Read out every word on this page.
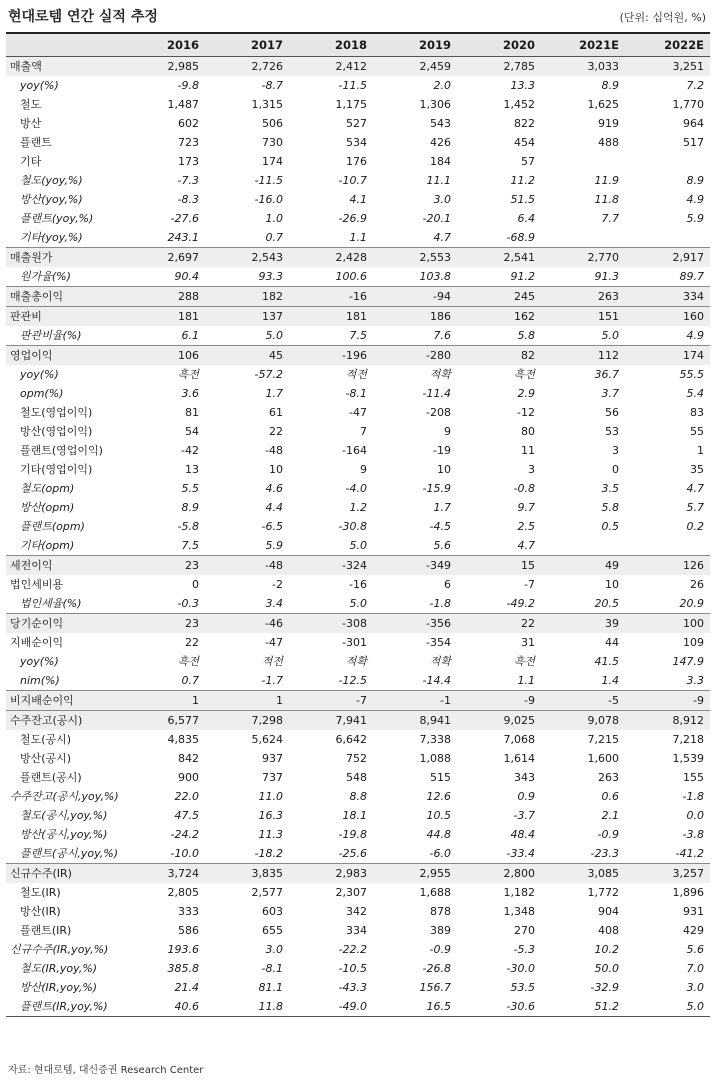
현대로템 연간 실적 추정	(단위: 십억원, %)
	2016	2017	2018	2019	2020	2021E	2022E
매출액	2,985	2,726	2,412	2,459	2,785	3,033	3,251
yoy(%)	-9.8	-8.7	-11.5	2.0	13.3	8.9	7.2
철도	1,487	1,315	1,175	1,306	1,452	1,625	1,770
방산	602	506	527	543	822	919	964
플랜트	723	730	534	426	454	488	517
기타	173	174	176	184	57		
철도(yoy,%)	-7.3	-11.5	-10.7	11.1	11.2	11.9	8.9
방산(yoy,%)	-8.3	-16.0	4.1	3.0	51.5	11.8	4.9
플랜트(yoy,%)	-27.6	1.0	-26.9	-20.1	6.4	7.7	5.9
기타(yoy,%)	243.1	0.7	1.1	4.7	-68.9		
매출원가	2,697	2,543	2,428	2,553	2,541	2,770	2,917
원가율(%)	90.4	93.3	100.6	103.8	91.2	91.3	89.7
매출총이익	288	182	-16	-94	245	263	334
판관비	181	137	181	186	162	151	160
판관비율(%)	6.1	5.0	7.5	7.6	5.8	5.0	4.9
영업이익	106	45	-196	-280	82	112	174
yoy(%)	흑전	-57.2	적전	적확	흑전	36.7	55.5
opm(%)	3.6	1.7	-8.1	-11.4	2.9	3.7	5.4
철도(영업이익)	81	61	-47	-208	-12	56	83
방산(영업이익)	54	22	7	9	80	53	55
플랜트(영업이익)	-42	-48	-164	-19	11	3	1
기타(영업이익)	13	10	9	10	3	0	35
철도(opm)	5.5	4.6	-4.0	-15.9	-0.8	3.5	4.7
방산(opm)	8.9	4.4	1.2	1.7	9.7	5.8	5.7
플랜트(opm)	-5.8	-6.5	-30.8	-4.5	2.5	0.5	0.2
기타(opm)	7.5	5.9	5.0	5.6	4.7		
세전이익	23	-48	-324	-349	15	49	126
법인세비용	0	-2	-16	6	-7	10	26
법인세율(%)	-0.3	3.4	5.0	-1.8	-49.2	20.5	20.9
당기순이익	23	-46	-308	-356	22	39	100
지배순이익	22	-47	-301	-354	31	44	109
yoy(%)	흑전	적전	적확	적확	흑전	41.5	147.9
nim(%)	0.7	-1.7	-12.5	-14.4	1.1	1.4	3.3
비지배순이익	1	1	-7	-1	-9	-5	-9
수주잔고(공시)	6,577	7,298	7,941	8,941	9,025	9,078	8,912
철도(공시)	4,835	5,624	6,642	7,338	7,068	7,215	7,218
방산(공시)	842	937	752	1,088	1,614	1,600	1,539
플랜트(공시)	900	737	548	515	343	263	155
수주잔고(공시,yoy,%)	22.0	11.0	8.8	12.6	0.9	0.6	-1.8
철도(공시,yoy,%)	47.5	16.3	18.1	10.5	-3.7	2.1	0.0
방산(공시,yoy,%)	-24.2	11.3	-19.8	44.8	48.4	-0.9	-3.8
플랜트(공시,yoy,%)	-10.0	-18.2	-25.6	-6.0	-33.4	-23.3	-41.2
신규수주(IR)	3,724	3,835	2,983	2,955	2,800	3,085	3,257
철도(IR)	2,805	2,577	2,307	1,688	1,182	1,772	1,896
방산(IR)	333	603	342	878	1,348	904	931
플랜트(IR)	586	655	334	389	270	408	429
신규수주(IR,yoy,%)	193.6	3.0	-22.2	-0.9	-5.3	10.2	5.6
철도(IR,yoy,%)	385.8	-8.1	-10.5	-26.8	-30.0	50.0	7.0
방산(IR,yoy,%)	21.4	81.1	-43.3	156.7	53.5	-32.9	3.0
플랜트(IR,yoy,%)	40.6	11.8	-49.0	16.5	-30.6	51.2	5.0
자료: 현대로템, 대신증권 Research Center
